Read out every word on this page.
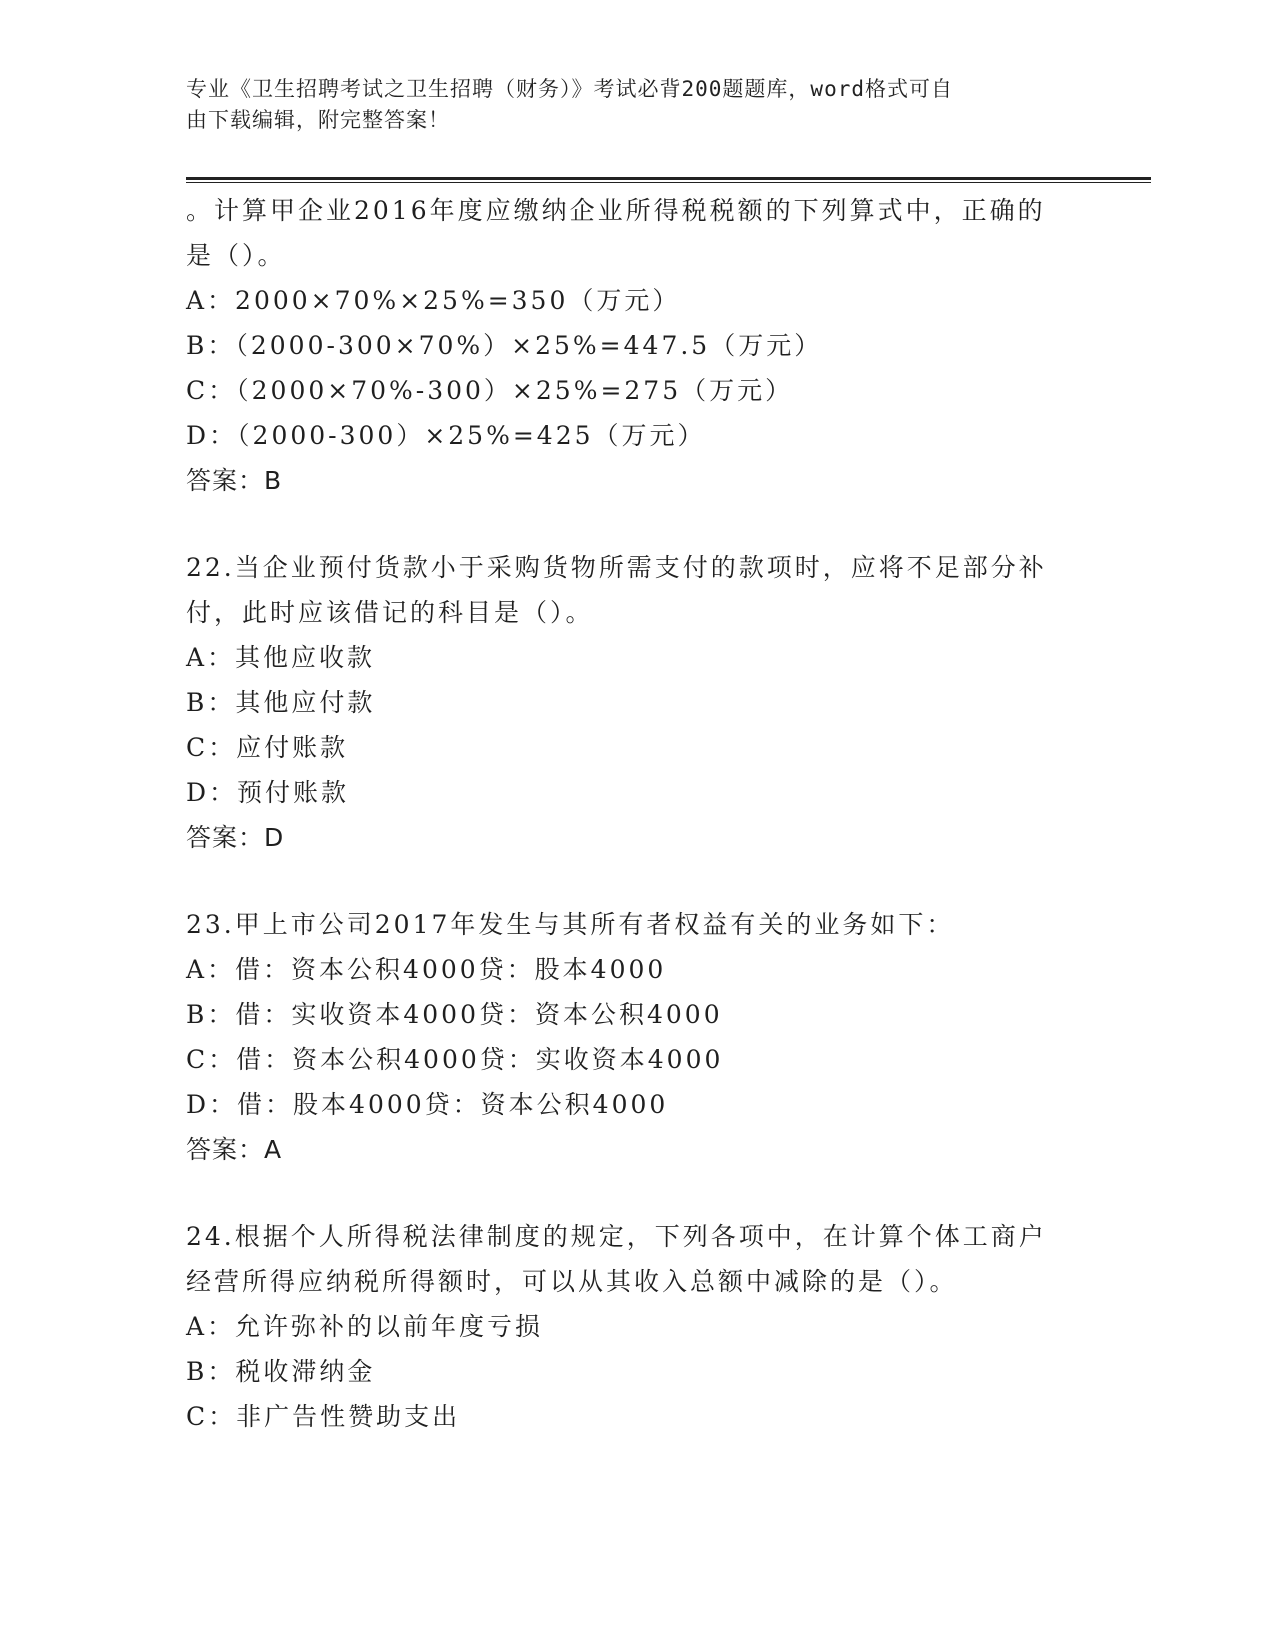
专业《卫生招聘考试之卫生招聘（财务）》考试必背200题题库，word格式可自
由下载编辑，附完整答案！
。计算甲企业2016年度应缴纳企业所得税税额的下列算式中，正确的
是（）。
A：2000×70%×25%=350（万元）
B：（2000-300×70%）×25%=447.5（万元）
C：（2000×70%-300）×25%=275（万元）
D：（2000-300）×25%=425（万元）
答案：B
22.当企业预付货款小于采购货物所需支付的款项时，应将不足部分补
付，此时应该借记的科目是（）。
A：其他应收款
B：其他应付款
C：应付账款
D：预付账款
答案：D
23.甲上市公司2017年发生与其所有者权益有关的业务如下：
A：借：资本公积4000贷：股本4000
B：借：实收资本4000贷：资本公积4000
C：借：资本公积4000贷：实收资本4000
D：借：股本4000贷：资本公积4000
答案：A
24.根据个人所得税法律制度的规定，下列各项中，在计算个体工商户
经营所得应纳税所得额时，可以从其收入总额中减除的是（）。
A：允许弥补的以前年度亏损
B：税收滞纳金
C：非广告性赞助支出
